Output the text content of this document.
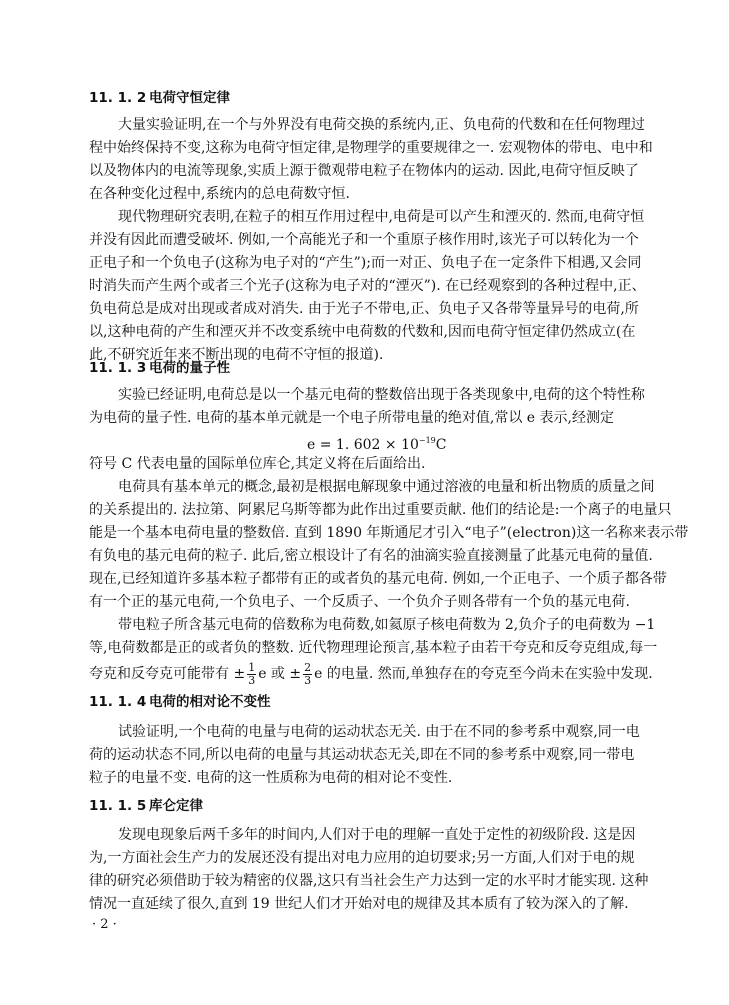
11. 1. 2 电荷守恒定律
大量实验证明,在一个与外界没有电荷交换的系统内,正、负电荷的代数和在任何物理过
程中始终保持不变,这称为电荷守恒定律,是物理学的重要规律之一. 宏观物体的带电、电中和
以及物体内的电流等现象,实质上源于微观带电粒子在物体内的运动. 因此,电荷守恒反映了
在各种变化过程中,系统内的总电荷数守恒.
现代物理研究表明,在粒子的相互作用过程中,电荷是可以产生和湮灭的. 然而,电荷守恒
并没有因此而遭受破坏. 例如,一个高能光子和一个重原子核作用时,该光子可以转化为一个
正电子和一个负电子(这称为电子对的“产生”);而一对正、负电子在一定条件下相遇,又会同
时消失而产生两个或者三个光子(这称为电子对的“湮灭”). 在已经观察到的各种过程中,正、
负电荷总是成对出现或者成对消失. 由于光子不带电,正、负电子又各带等量异号的电荷,所
以,这种电荷的产生和湮灭并不改变系统中电荷数的代数和,因而电荷守恒定律仍然成立(在
此,不研究近年来不断出现的电荷不守恒的报道).
11. 1. 3 电荷的量子性
实验已经证明,电荷总是以一个基元电荷的整数倍出现于各类现象中,电荷的这个特性称
为电荷的量子性. 电荷的基本单元就是一个电子所带电量的绝对值,常以 e 表示,经测定
e = 1. $602 \times 10^{-19}C$
符号 C 代表电量的国际单位库仑,其定义将在后面给出.
电荷具有基本单元的概念,最初是根据电解现象中通过溶液的电量和析出物质的质量之间
的关系提出的. 法拉第、阿累尼乌斯等都为此作出过重要贡献. 他们的结论是:一个离子的电量只
能是一个基本电荷电量的整数倍. 直到 1890 年斯通尼才引入“电子”(electron)这一名称来表示带
有负电的基元电荷的粒子. 此后,密立根设计了有名的油滴实验直接测量了此基元电荷的量值.
现在,已经知道许多基本粒子都带有正的或者负的基元电荷. 例如,一个正电子、一个质子都各带
有一个正的基元电荷,一个负电子、一个反质子、一个负介子则各带有一个负的基元电荷.
带电粒子所含基元电荷的倍数称为电荷数,如氦原子核电荷数为 2,负介子的电荷数为 −1
等,电荷数都是正的或者负的整数. 近代物理理论预言,基本粒子由若干夸克和反夸克组成,每一
夸克和反夸克可能带有 ± $\frac{1}{3}$ e 或 ± $\frac{2}{3}$ e 的电量. 然而,单独存在的夸克至今尚未在实验中发现.
11. 1. 4 电荷的相对论不变性
试验证明,一个电荷的电量与电荷的运动状态无关. 由于在不同的参考系中观察,同一电
荷的运动状态不同,所以电荷的电量与其运动状态无关,即在不同的参考系中观察,同一带电
粒子的电量不变. 电荷的这一性质称为电荷的相对论不变性.
11. 1. 5 库仑定律
发现电现象后两千多年的时间内,人们对于电的理解一直处于定性的初级阶段. 这是因
为,一方面社会生产力的发展还没有提出对电力应用的迫切要求;另一方面,人们对于电的规
律的研究必须借助于较为精密的仪器,这只有当社会生产力达到一定的水平时才能实现. 这种
情况一直延续了很久,直到 19 世纪人们才开始对电的规律及其本质有了较为深入的了解.
· 2 ·
